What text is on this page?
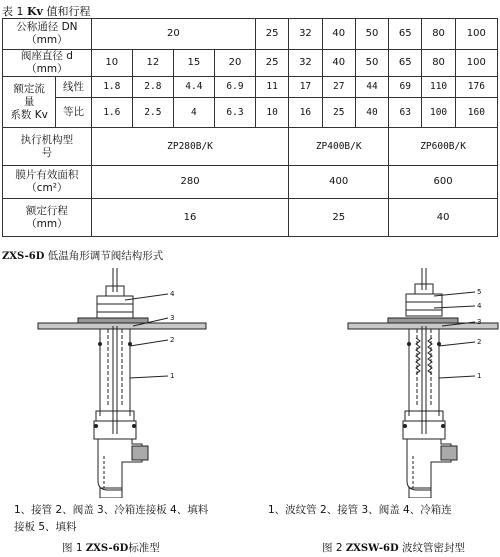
表 1 Kv 值和行程
公称通径 DN
（mm）		20				25	32	40	50	65	80	100
阀座直径 d（mm）		10	12	15	20	25	32	40	50	65	80	100

额定流
量
系数 Kv	线性	1.8	2.8	4.4	6.9	11	17	27	44	69	110	176
	等比	1.6	2.5	4	6.3	10	16	25	40	63	100	160

执行机构型
号		ZP280B/K					ZP400B/K			ZP600B/K		

膜片有效面积
（cm²）		280					400			600		

额定行程
（mm）		16					25			40		
ZXS-6D 低温角形调节阀结构形式
4
3
2
1
5
4
3
2
1
1、接管 2、阀盖 3、冷箱连接板 4、填料
接板 5、填料
1、波纹管 2、接管 3、阀盖 4、冷箱连
图 1 ZXS-6D标准型	图 2 ZXSW-6D 波纹管密封型
